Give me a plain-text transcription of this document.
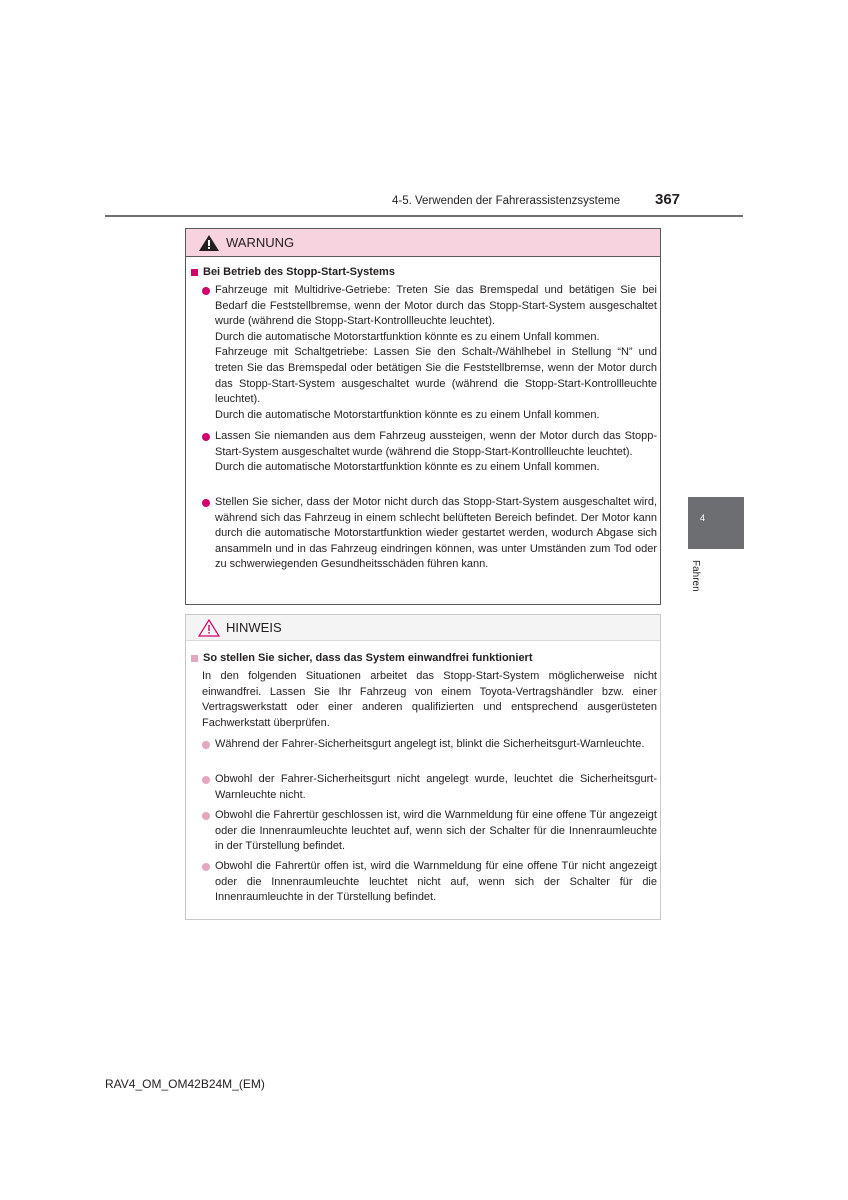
4-5. Verwenden der Fahrerassistenzsysteme 367
4
Fahren
WARNUNG
Bei Betrieb des Stopp-Start-Systems

Fahrzeuge mit Multidrive-Getriebe: Treten Sie das Bremspedal und betätigen Sie bei Bedarf die Feststellbremse, wenn der Motor durch das Stopp-Start-System ausgeschaltet wurde (während die Stopp-Start-Kontrollleuchte leuchtet).

Durch die automatische Motorstartfunktion könnte es zu einem Unfall kommen.

Fahrzeuge mit Schaltgetriebe: Lassen Sie den Schalt-/Wählhebel in Stellung “N” und treten Sie das Bremspedal oder betätigen Sie die Feststellbremse, wenn der Motor durch das Stopp-Start-System ausgeschaltet wurde (während die Stopp-Start-Kontrollleuchte leuchtet).

Durch die automatische Motorstartfunktion könnte es zu einem Unfall kommen.

Lassen Sie niemanden aus dem Fahrzeug aussteigen, wenn der Motor durch das Stopp-Start-System ausgeschaltet wurde (während die Stopp-Start-Kontrollleuchte leuchtet).

Durch die automatische Motorstartfunktion könnte es zu einem Unfall kommen.

Stellen Sie sicher, dass der Motor nicht durch das Stopp-Start-System ausgeschaltet wird, während sich das Fahrzeug in einem schlecht belüfteten Bereich befindet. Der Motor kann durch die automatische Motorstartfunktion wieder gestartet werden, wodurch Abgase sich ansammeln und in das Fahrzeug eindringen können, was unter Umständen zum Tod oder zu schwerwiegenden Gesundheitsschäden führen kann.

HINWEIS
So stellen Sie sicher, dass das System einwandfrei funktioniert
In den folgenden Situationen arbeitet das Stopp-Start-System möglicherweise nicht einwandfrei. Lassen Sie Ihr Fahrzeug von einem Toyota-Vertragshändler bzw. einer Vertragswerkstatt oder einer anderen qualifizierten und entsprechend ausgerüsteten Fachwerkstatt überprüfen.

Während der Fahrer-Sicherheitsgurt angelegt ist, blinkt die Sicherheitsgurt-Warnleuchte.

Obwohl der Fahrer-Sicherheitsgurt nicht angelegt wurde, leuchtet die Sicherheitsgurt-Warnleuchte nicht.

Obwohl die Fahrertür geschlossen ist, wird die Warnmeldung für eine offene Tür angezeigt oder die Innenraumleuchte leuchtet auf, wenn sich der Schalter für die Innenraumleuchte in der Türstellung befindet.

Obwohl die Fahrertür offen ist, wird die Warnmeldung für eine offene Tür nicht angezeigt oder die Innenraumleuchte leuchtet nicht auf, wenn sich der Schalter für die Innenraumleuchte in der Türstellung befindet.

RAV4_OM_OM42B24M_(EM)
